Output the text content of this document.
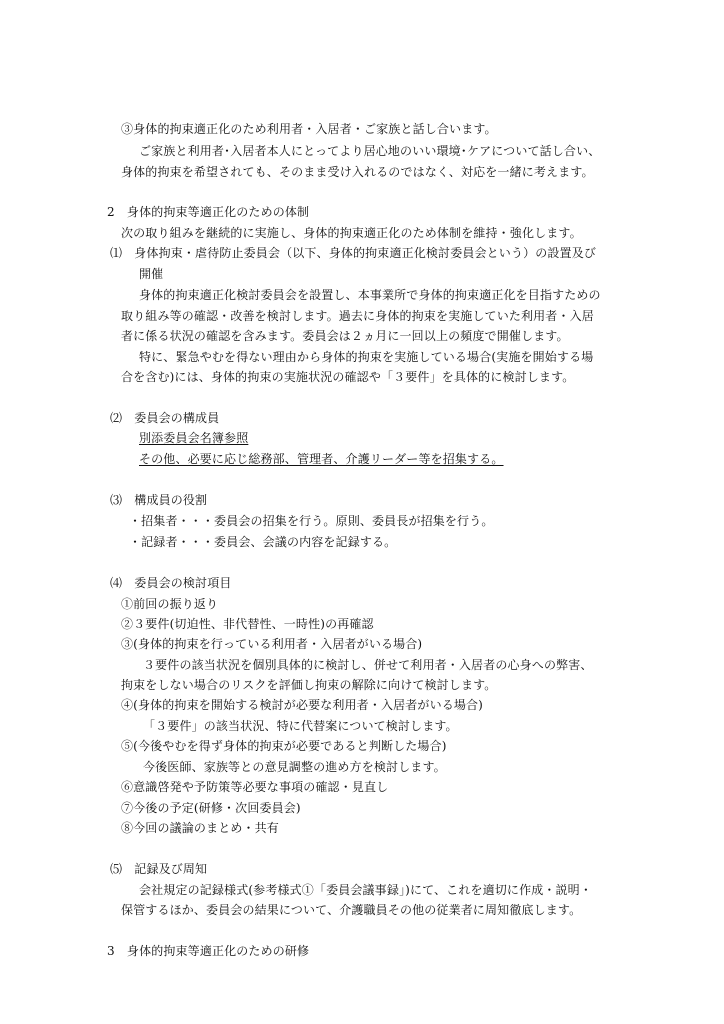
③身体的拘束適正化のため利用者・入居者・ご家族と話し合います。
ご家族と利用者･入居者本人にとってより居心地のいい環境･ケアについて話し合い、
身体的拘束を希望されても、そのまま受け入れるのではなく、対応を一緒に考えます。
2　身体的拘束等適正化のための体制
次の取り組みを継続的に実施し、身体的拘束適正化のため体制を維持・強化します。
⑴　身体拘束・虐待防止委員会（以下、身体的拘束適正化検討委員会という）の設置及び
開催
身体的拘束適正化検討委員会を設置し、本事業所で身体的拘束適正化を目指すための
取り組み等の確認・改善を検討します。過去に身体的拘束を実施していた利用者・入居
者に係る状況の確認を含みます。委員会は２ヵ月に一回以上の頻度で開催します。
特に、緊急やむを得ない理由から身体的拘束を実施している場合(実施を開始する場
合を含む)には、身体的拘束の実施状況の確認や「３要件」を具体的に検討します。
⑵　委員会の構成員
別添委員会名簿参照
その他、必要に応じ総務部、管理者、介護リーダー等を招集する。
⑶　構成員の役割
・招集者・・・委員会の招集を行う。原則、委員長が招集を行う。
・記録者・・・委員会、会議の内容を記録する。
⑷　委員会の検討項目
①前回の振り返り
②３要件(切迫性、非代替性、一時性)の再確認
③(身体的拘束を行っている利用者・入居者がいる場合)
３要件の該当状況を個別具体的に検討し、併せて利用者・入居者の心身への弊害、
拘束をしない場合のリスクを評価し拘束の解除に向けて検討します。
④(身体的拘束を開始する検討が必要な利用者・入居者がいる場合)
「３要件」の該当状況、特に代替案について検討します。
⑤(今後やむを得ず身体的拘束が必要であると判断した場合)
今後医師、家族等との意見調整の進め方を検討します。
⑥意識啓発や予防策等必要な事項の確認・見直し
⑦今後の予定(研修・次回委員会)
⑧今回の議論のまとめ・共有
⑸　記録及び周知
会社規定の記録様式(参考様式①「委員会議事録」)にて、これを適切に作成・説明・
保管するほか、委員会の結果について、介護職員その他の従業者に周知徹底します。
3　身体的拘束等適正化のための研修
